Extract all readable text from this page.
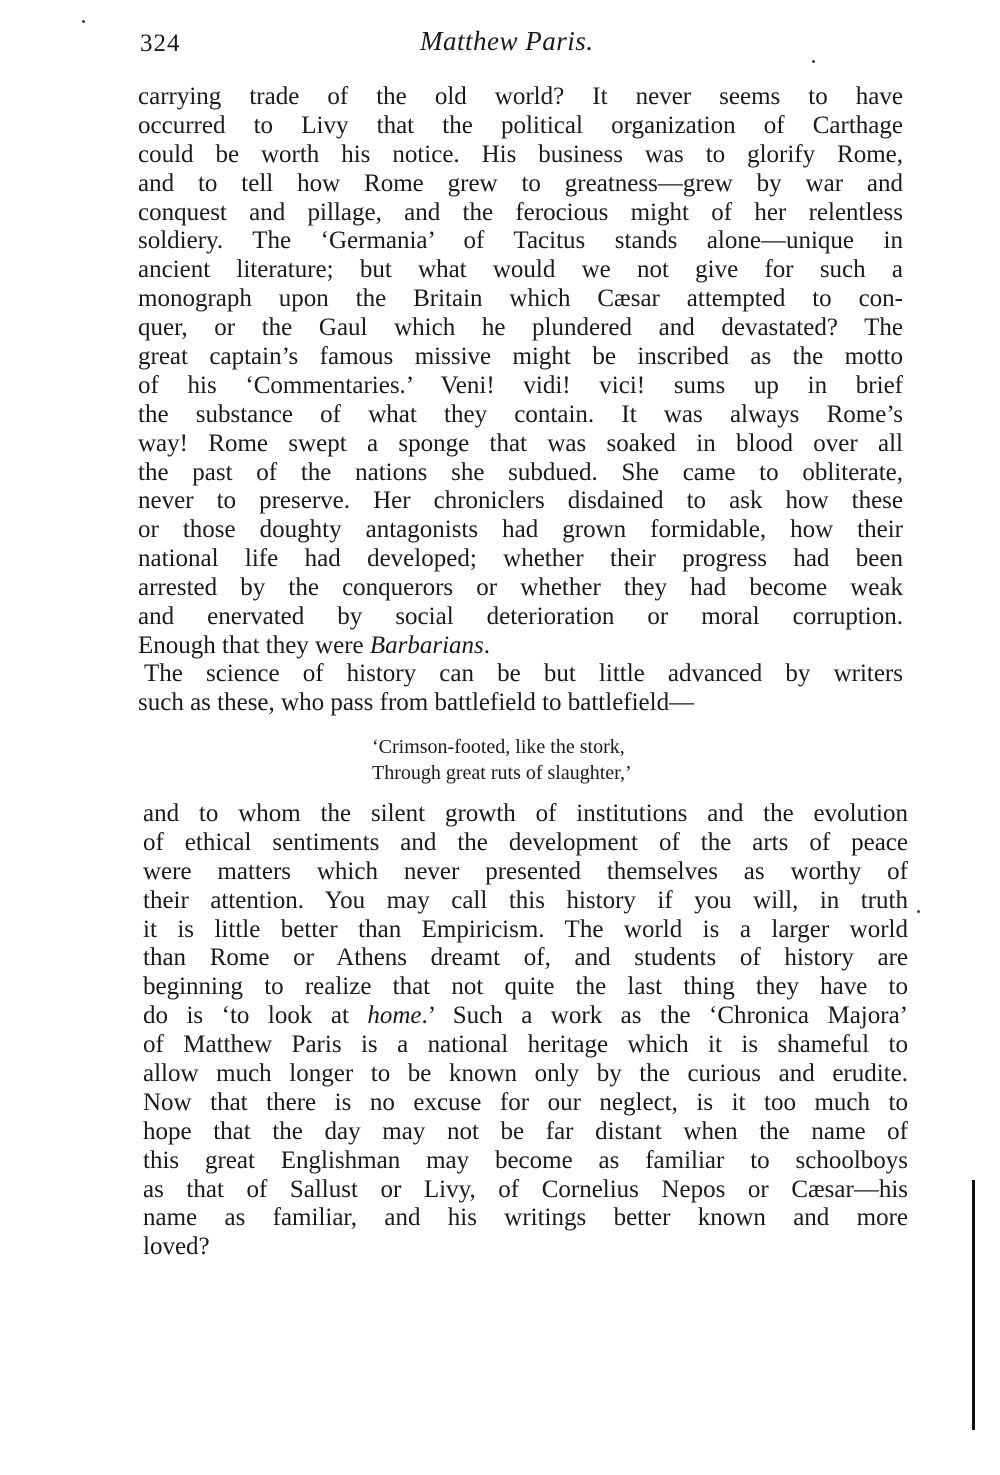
324	Matthew Paris.
carrying trade of the old world? It never seems to have
occurred to Livy that the political organization of Carthage
could be worth his notice. His business was to glorify Rome,
and to tell how Rome grew to greatness—grew by war and
conquest and pillage, and the ferocious might of her relentless
soldiery. The ‘Germania’ of Tacitus stands alone—unique in
ancient literature; but what would we not give for such a
monograph upon the Britain which Cæsar attempted to con-
quer, or the Gaul which he plundered and devastated? The
great captain’s famous missive might be inscribed as the motto
of his ‘Commentaries.’ Veni! vidi! vici! sums up in brief
the substance of what they contain. It was always Rome’s
way! Rome swept a sponge that was soaked in blood over all
the past of the nations she subdued. She came to obliterate,
never to preserve. Her chroniclers disdained to ask how these
or those doughty antagonists had grown formidable, how their
national life had developed; whether their progress had been
arrested by the conquerors or whether they had become weak
and enervated by social deterioration or moral corruption.
Enough that they were Barbarians.
The science of history can be but little advanced by writers
such as these, who pass from battlefield to battlefield—
‘Crimson-footed, like the stork,
Through great ruts of slaughter,’
and to whom the silent growth of institutions and the evolution
of ethical sentiments and the development of the arts of peace
were matters which never presented themselves as worthy of
their attention. You may call this history if you will, in truth
it is little better than Empiricism. The world is a larger world
than Rome or Athens dreamt of, and students of history are
beginning to realize that not quite the last thing they have to
do is ‘to look at home.’ Such a work as the ‘Chronica Majora’
of Matthew Paris is a national heritage which it is shameful to
allow much longer to be known only by the curious and erudite.
Now that there is no excuse for our neglect, is it too much to
hope that the day may not be far distant when the name of
this great Englishman may become as familiar to schoolboys
as that of Sallust or Livy, of Cornelius Nepos or Cæsar—his
name as familiar, and his writings better known and more
loved?
